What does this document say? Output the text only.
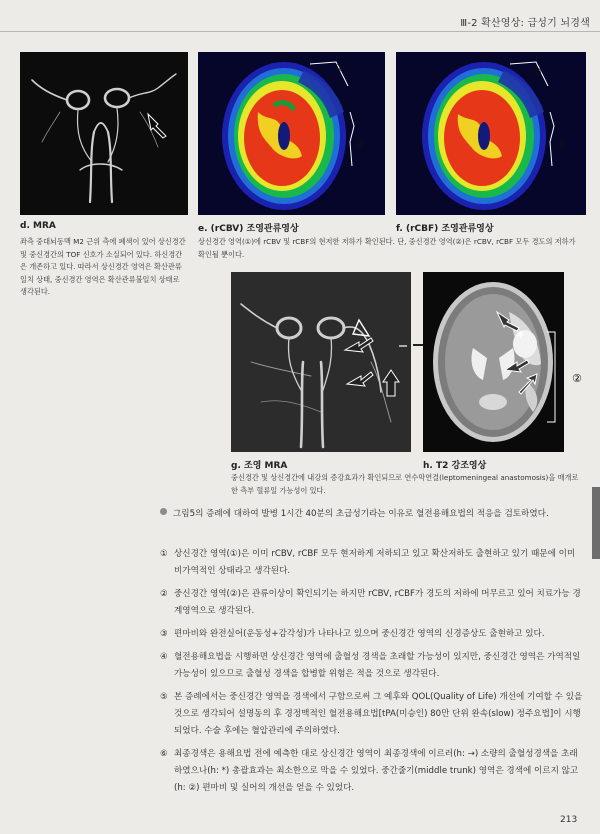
Ⅲ-2 확산영상: 급성기 뇌경색
d. MRA
좌측 중대뇌동맥 M2 근위 측에 폐색이 있어 상신경간 및 중신경간의 TOF 신호가 소실되어 있다. 하신경간은 개존하고 있다. 따라서 상신경간 영역은 확산관류일치 상태, 중신경간 영역은 확산관류불일치 상태로 생각된다.
①
②
e. (rCBV) 조영관류영상
①
②
f. (rCBF) 조영관류영상
상신경간 영역(①)에 rCBV 및 rCBF의 현저한 저하가 확인된다. 단, 중신경간 영역(②)은 rCBV, rCBF 모두 경도의 저하가 확인될 뿐이다.
g. 조영 MRA
*
②
h. T2 강조영상
중신경간 및 상신경간에 내강의 증강효과가 확인되므로 연수막연결(leptomeningeal anastomosis)을 매개로 한 측부 혈류일 가능성이 있다.
그림5의 증례에 대하여 발병 1시간 40분의 초급성기라는 이유로 혈전용해요법의 적응을 검토하였다.
① 상신경간 영역(①)은 이미 rCBV, rCBF 모두 현저하게 저하되고 있고 확산저하도 출현하고 있기 때문에 이미 비가역적인 상태라고 생각된다.
② 중신경간 영역(②)은 관류이상이 확인되기는 하지만 rCBV, rCBF가 경도의 저하에 머무르고 있어 치료가능 경계영역으로 생각된다.
③ 편마비와 완전실어(운동성+감각성)가 나타나고 있으며 중신경간 영역의 신경증상도 출현하고 있다.
④ 혈전용해요법을 시행하면 상신경간 영역에 출혈성 경색을 초래할 가능성이 있지만, 중신경간 영역은 가역적일 가능성이 있으므로 출혈성 경색을 합병할 위험은 적을 것으로 생각된다.
⑤ 본 증례에서는 중신경간 영역을 경색에서 구함으로써 그 예후와 QOL(Quality of Life) 개선에 기여할 수 있을 것으로 생각되어 설명동의 후 경정맥적인 혈전용해요법[tPA(미승인) 80만 단위 완속(slow) 정주요법]이 시행되었다. 수술 후에는 혈압관리에 주의하였다.
⑥ 최종경색은 용해요법 전에 예측한 대로 상신경간 영역이 최종경색에 이르러(h: →) 소량의 출혈성경색을 초래하였으나(h: *) 총괄효과는 최소한으로 막을 수 있었다. 중간줄기(middle trunk) 영역은 경색에 이르지 않고(h: ②) 편마비 및 실어의 개선을 얻을 수 있었다.
213
